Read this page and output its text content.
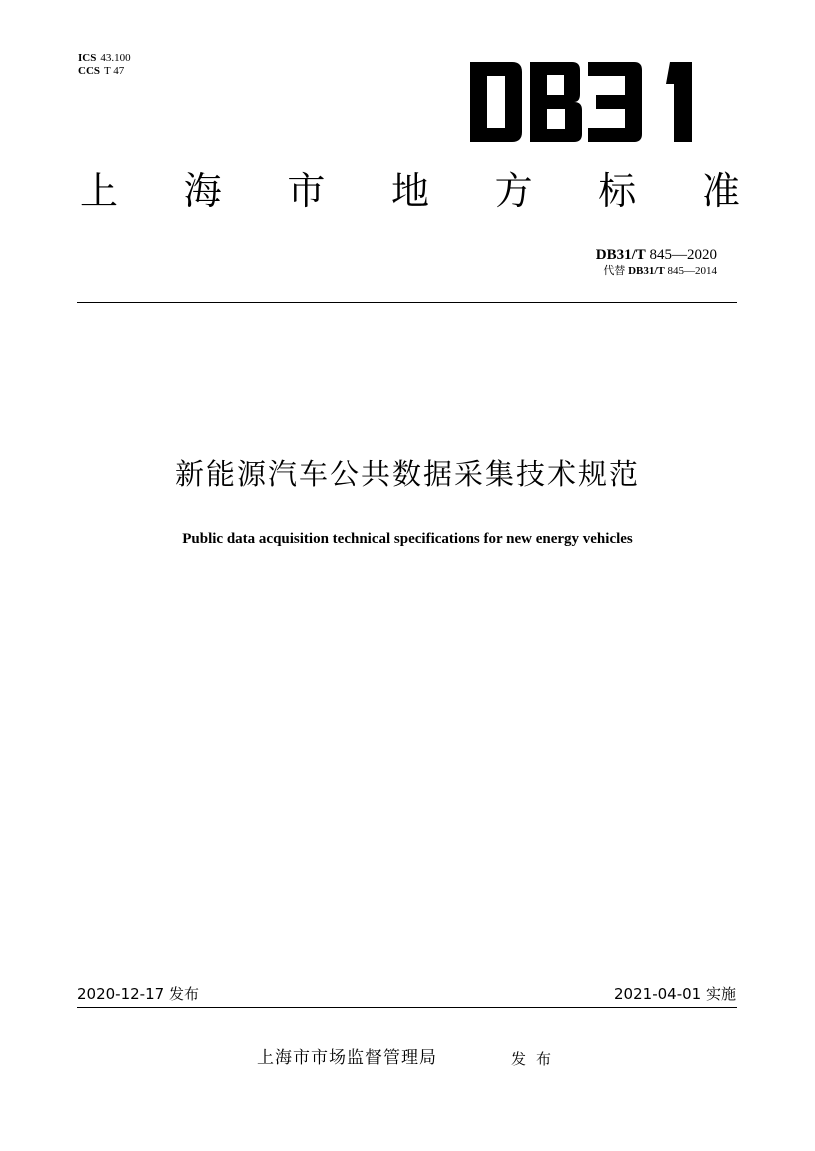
ICS 43.100
CCS T 47
上 海 市 地 方 标 准
DB31/T 845—2020
代替 DB31/T 845—2014
新能源汽车公共数据采集技术规范
Public data acquisition technical specifications for new energy vehicles
2020-12-17 发布	2021-04-01 实施
上海市市场监督管理局	发布
